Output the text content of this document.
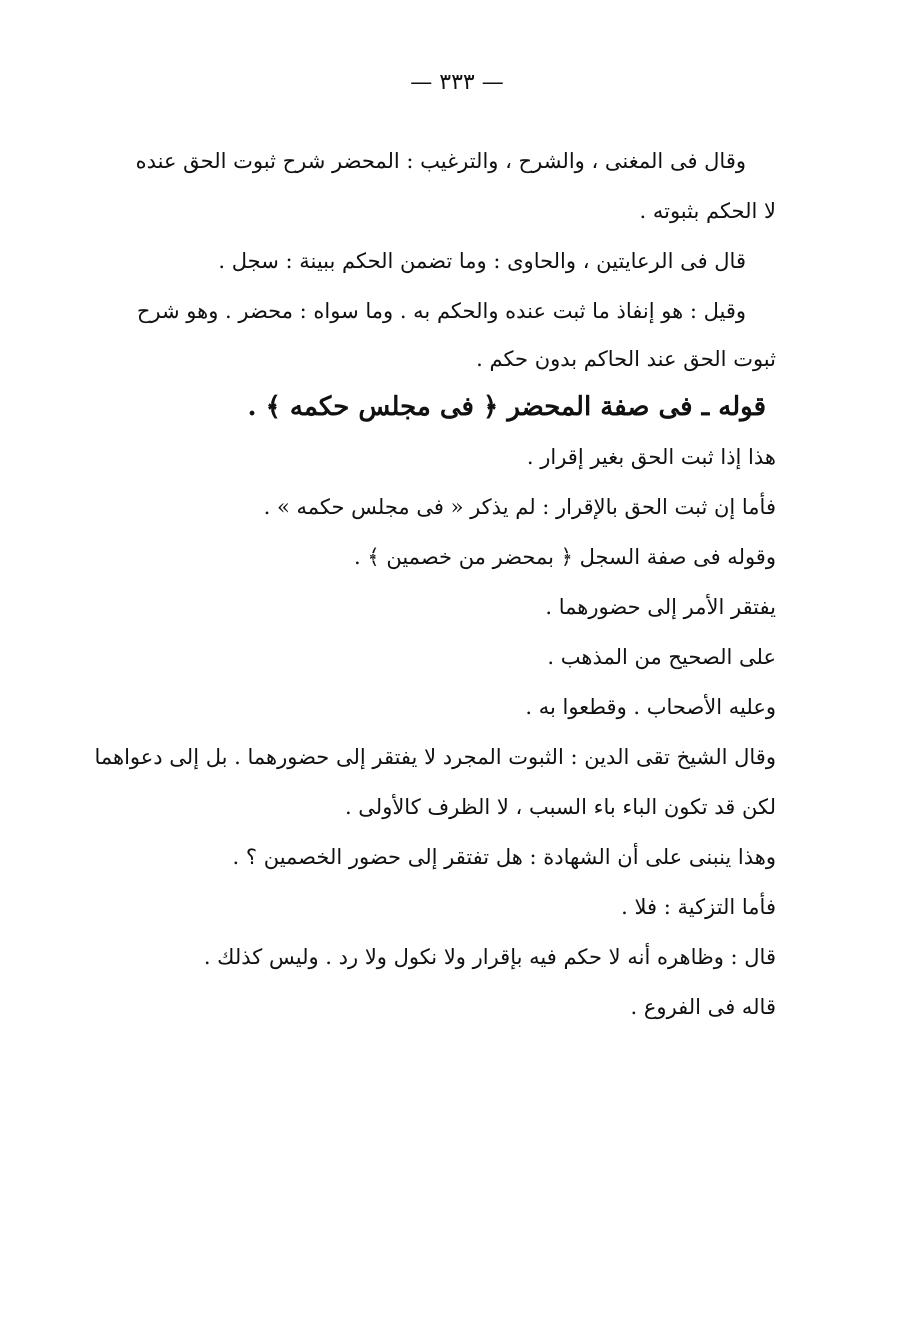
— ٣٣٣ —
وقال فى المغنى ، والشرح ، والترغيب : المحضر شرح ثبوت الحق عنده
لا الحكم بثبوته .
قال فى الرعايتين ، والحاوى : وما تضمن الحكم ببينة : سجل .
وقيل : هو إنفاذ ما ثبت عنده والحكم به . وما سواه : محضر . وهو شرح
ثبوت الحق عند الحاكم بدون حكم .
قوله ـ فى صفة المحضر ﴿ فى مجلس حكمه ﴾ .
هذا إذا ثبت الحق بغير إقرار .
فأما إن ثبت الحق بالإقرار : لم يذكر « فى مجلس حكمه » .
وقوله فى صفة السجل ﴿ بمحضر من خصمين ﴾ .
يفتقر الأمر إلى حضورهما .
على الصحيح من المذهب .
وعليه الأصحاب . وقطعوا به .
وقال الشيخ تقى الدين : الثبوت المجرد لا يفتقر إلى حضورهما . بل إلى دعواهما
لكن قد تكون الباء باء السبب ، لا الظرف كالأولى .
وهذا ينبنى على أن الشهادة : هل تفتقر إلى حضور الخصمين ؟ .
فأما التزكية : فلا .
قال : وظاهره أنه لا حكم فيه بإقرار ولا نكول ولا رد . وليس كذلك .
قاله فى الفروع .
